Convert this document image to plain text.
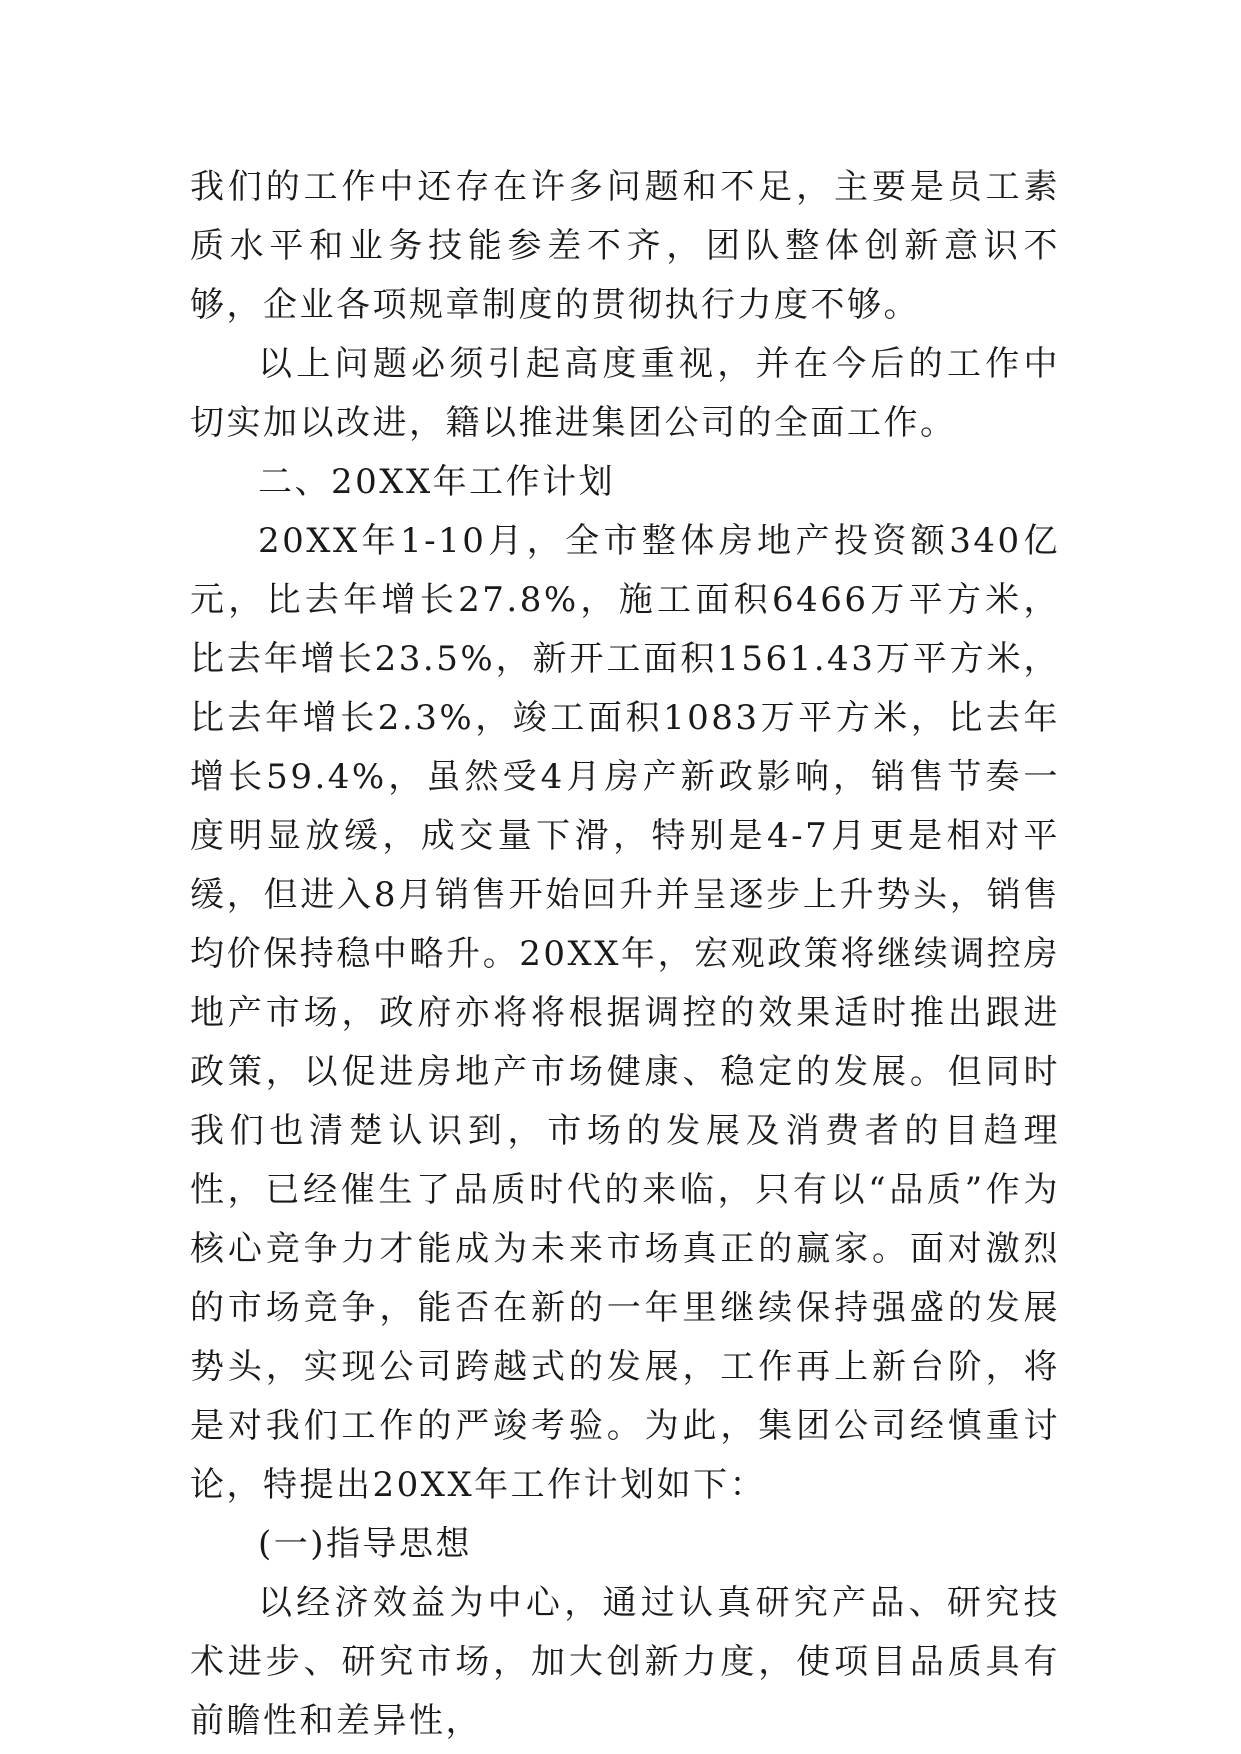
我们的工作中还存在许多问题和不足，主要是员工素质水平和业务技能参差不齐，团队整体创新意识不够，企业各项规章制度的贯彻执行力度不够。

以上问题必须引起高度重视，并在今后的工作中切实加以改进，籍以推进集团公司的全面工作。

二、20XX年工作计划

20XX年1-10月，全市整体房地产投资额340亿元，比去年增长27.8%，施工面积6466万平方米，比去年增长23.5%，新开工面积1561.43万平方米，比去年增长2.3%，竣工面积1083万平方米，比去年增长59.4%，虽然受4月房产新政影响，销售节奏一度明显放缓，成交量下滑，特别是4-7月更是相对平缓，但进入8月销售开始回升并呈逐步上升势头，销售均价保持稳中略升。20XX年，宏观政策将继续调控房地产市场，政府亦将将根据调控的效果适时推出跟进政策，以促进房地产市场健康、稳定的发展。但同时我们也清楚认识到，市场的发展及消费者的目趋理性，已经催生了品质时代的来临，只有以“品质”作为核心竞争力才能成为未来市场真正的赢家。面对激烈的市场竞争，能否在新的一年里继续保持强盛的发展势头，实现公司跨越式的发展，工作再上新台阶，将是对我们工作的严竣考验。为此，集团公司经慎重讨论，特提出20XX年工作计划如下：

(一)指导思想

以经济效益为中心，通过认真研究产品、研究技术进步、研究市场，加大创新力度，使项目品质具有前瞻性和差异性，
